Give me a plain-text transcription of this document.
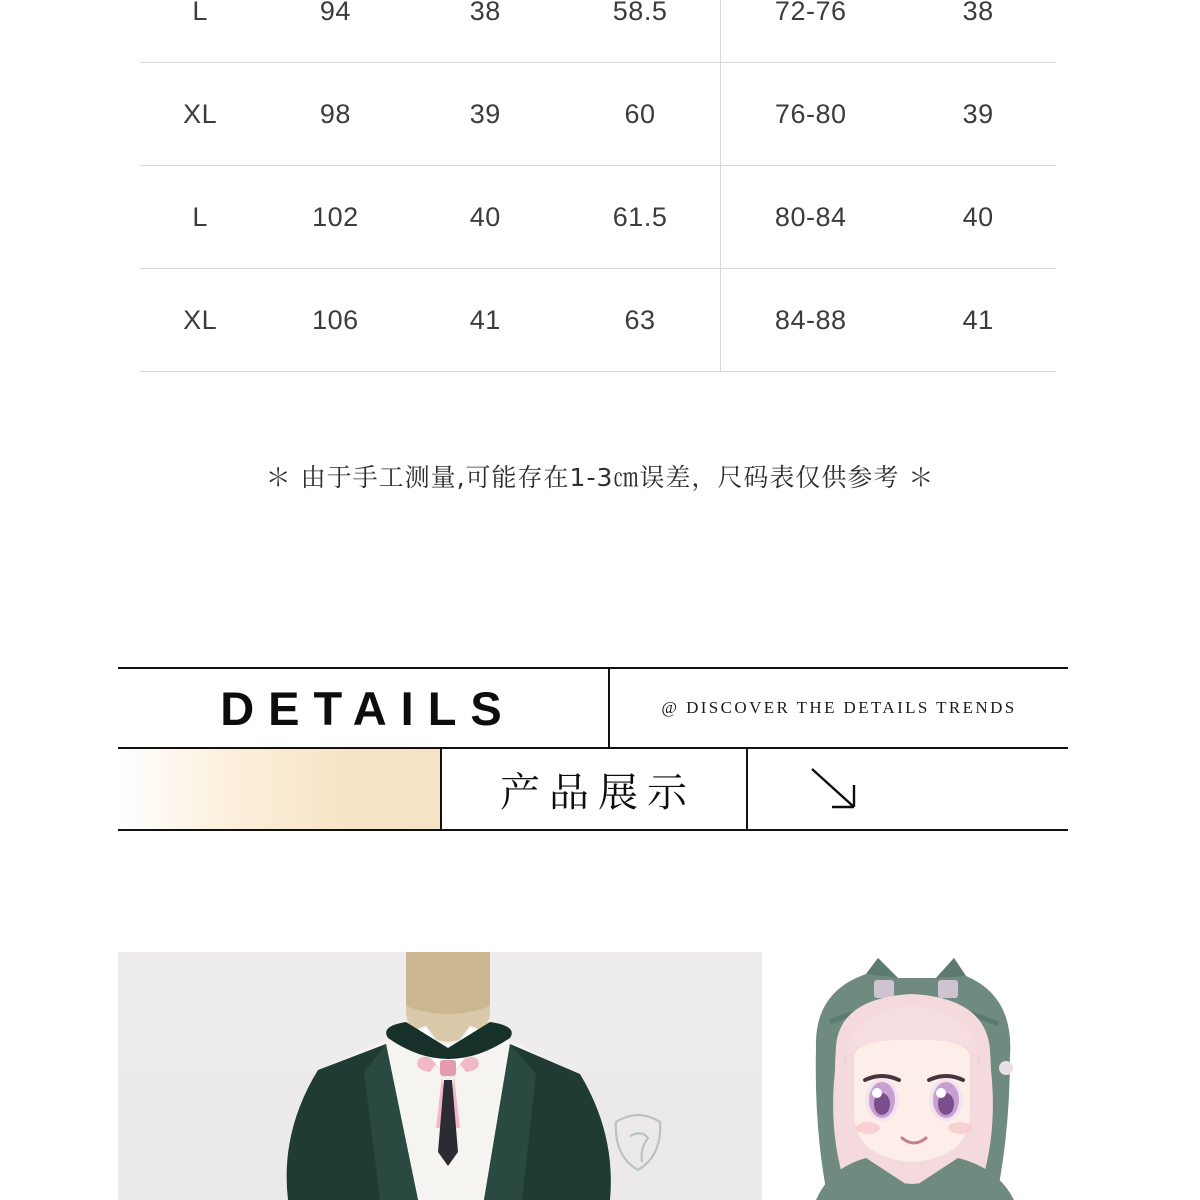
L	94	38	58.5	72-76	38
XL	98	39	60	76-80	39
L	102	40	61.5	80-84	40
XL	106	41	63	84-88	41
＊ 由于手工测量,可能存在1-3㎝误差，尺码表仅供参考 ＊
DETAILS	@ DISCOVER THE DETAILS TRENDS
产品展示
